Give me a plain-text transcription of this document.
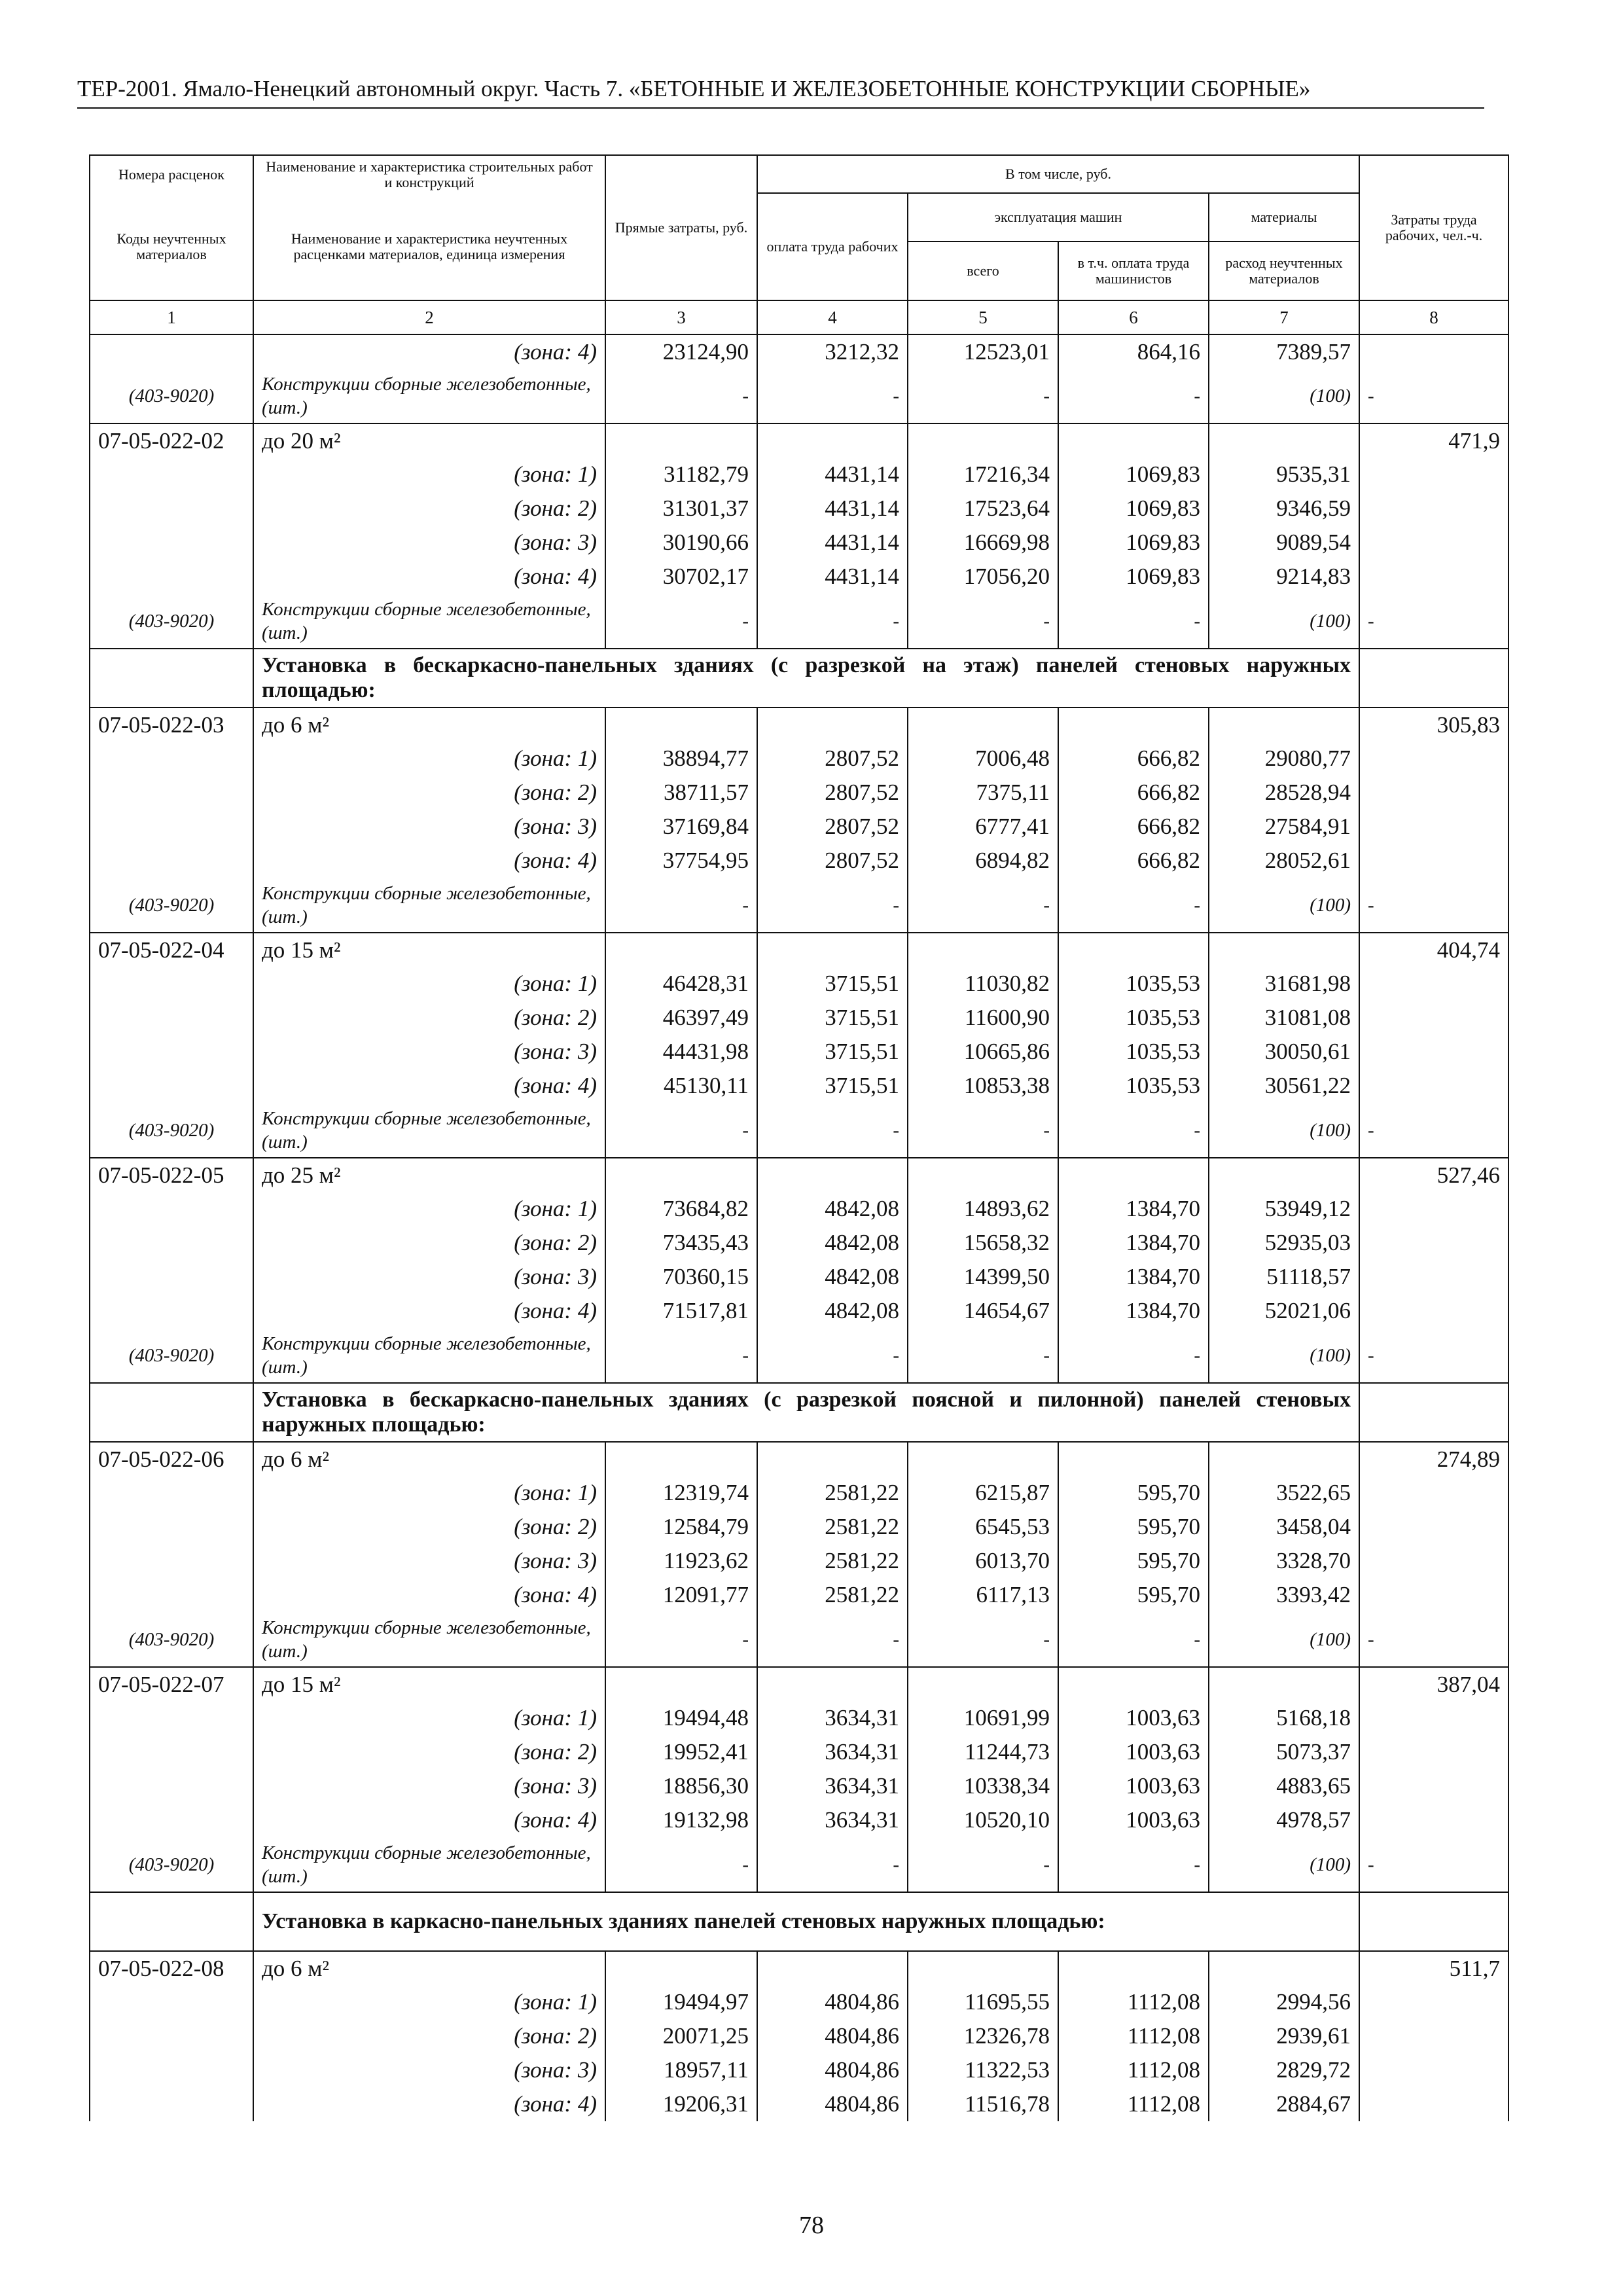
ТЕР-2001. Ямало-Ненецкий автономный округ. Часть 7. «БЕТОННЫЕ И ЖЕЛЕЗОБЕТОННЫЕ КОНСТРУКЦИИ СБОРНЫЕ»
Номера расценок	Наименование и характеристика строительных работ и конструкций	Прямые затраты, руб.	В том числе, руб.				Затраты труда рабочих, чел.-ч.
Коды неучтенных материалов	Наименование и характеристика неучтенных расценками материалов, единица измерения		оплата труда рабочих	эксплуатация машин		материалы	
				всего	в т.ч. оплата труда машинистов	расход неучтенных материалов	
1	2	3	4	5	6	7	8
	(зона: 4)	23124,90	3212,32	12523,01	864,16	7389,57	
(403-9020)	Конструкции сборные железобетонные, (шт.)	-	-	-	-	(100)	-
07-05-022-02	до 20 м²						471,9
	(зона: 1)	31182,79	4431,14	17216,34	1069,83	9535,31	
	(зона: 2)	31301,37	4431,14	17523,64	1069,83	9346,59	
	(зона: 3)	30190,66	4431,14	16669,98	1069,83	9089,54	
	(зона: 4)	30702,17	4431,14	17056,20	1069,83	9214,83	
(403-9020)	Конструкции сборные железобетонные, (шт.)	-	-	-	-	(100)	-
	Установка в бескаркасно-панельных зданиях (с разрезкой на этаж) панелей стеновых наружных площадью:						
07-05-022-03	до 6 м²						305,83
	(зона: 1)	38894,77	2807,52	7006,48	666,82	29080,77	
	(зона: 2)	38711,57	2807,52	7375,11	666,82	28528,94	
	(зона: 3)	37169,84	2807,52	6777,41	666,82	27584,91	
	(зона: 4)	37754,95	2807,52	6894,82	666,82	28052,61	
(403-9020)	Конструкции сборные железобетонные, (шт.)	-	-	-	-	(100)	-
07-05-022-04	до 15 м²						404,74
	(зона: 1)	46428,31	3715,51	11030,82	1035,53	31681,98	
	(зона: 2)	46397,49	3715,51	11600,90	1035,53	31081,08	
	(зона: 3)	44431,98	3715,51	10665,86	1035,53	30050,61	
	(зона: 4)	45130,11	3715,51	10853,38	1035,53	30561,22	
(403-9020)	Конструкции сборные железобетонные, (шт.)	-	-	-	-	(100)	-
07-05-022-05	до 25 м²						527,46
	(зона: 1)	73684,82	4842,08	14893,62	1384,70	53949,12	
	(зона: 2)	73435,43	4842,08	15658,32	1384,70	52935,03	
	(зона: 3)	70360,15	4842,08	14399,50	1384,70	51118,57	
	(зона: 4)	71517,81	4842,08	14654,67	1384,70	52021,06	
(403-9020)	Конструкции сборные железобетонные, (шт.)	-	-	-	-	(100)	-
	Установка в бескаркасно-панельных зданиях (с разрезкой поясной и пилонной) панелей стеновых наружных площадью:						
07-05-022-06	до 6 м²						274,89
	(зона: 1)	12319,74	2581,22	6215,87	595,70	3522,65	
	(зона: 2)	12584,79	2581,22	6545,53	595,70	3458,04	
	(зона: 3)	11923,62	2581,22	6013,70	595,70	3328,70	
	(зона: 4)	12091,77	2581,22	6117,13	595,70	3393,42	
(403-9020)	Конструкции сборные железобетонные, (шт.)	-	-	-	-	(100)	-
07-05-022-07	до 15 м²						387,04
	(зона: 1)	19494,48	3634,31	10691,99	1003,63	5168,18	
	(зона: 2)	19952,41	3634,31	11244,73	1003,63	5073,37	
	(зона: 3)	18856,30	3634,31	10338,34	1003,63	4883,65	
	(зона: 4)	19132,98	3634,31	10520,10	1003,63	4978,57	
(403-9020)	Конструкции сборные железобетонные, (шт.)	-	-	-	-	(100)	-
	Установка в каркасно-панельных зданиях панелей стеновых наружных площадью:						
07-05-022-08	до 6 м²						511,7
	(зона: 1)	19494,97	4804,86	11695,55	1112,08	2994,56	
	(зона: 2)	20071,25	4804,86	12326,78	1112,08	2939,61	
	(зона: 3)	18957,11	4804,86	11322,53	1112,08	2829,72	
	(зона: 4)	19206,31	4804,86	11516,78	1112,08	2884,67	
78
